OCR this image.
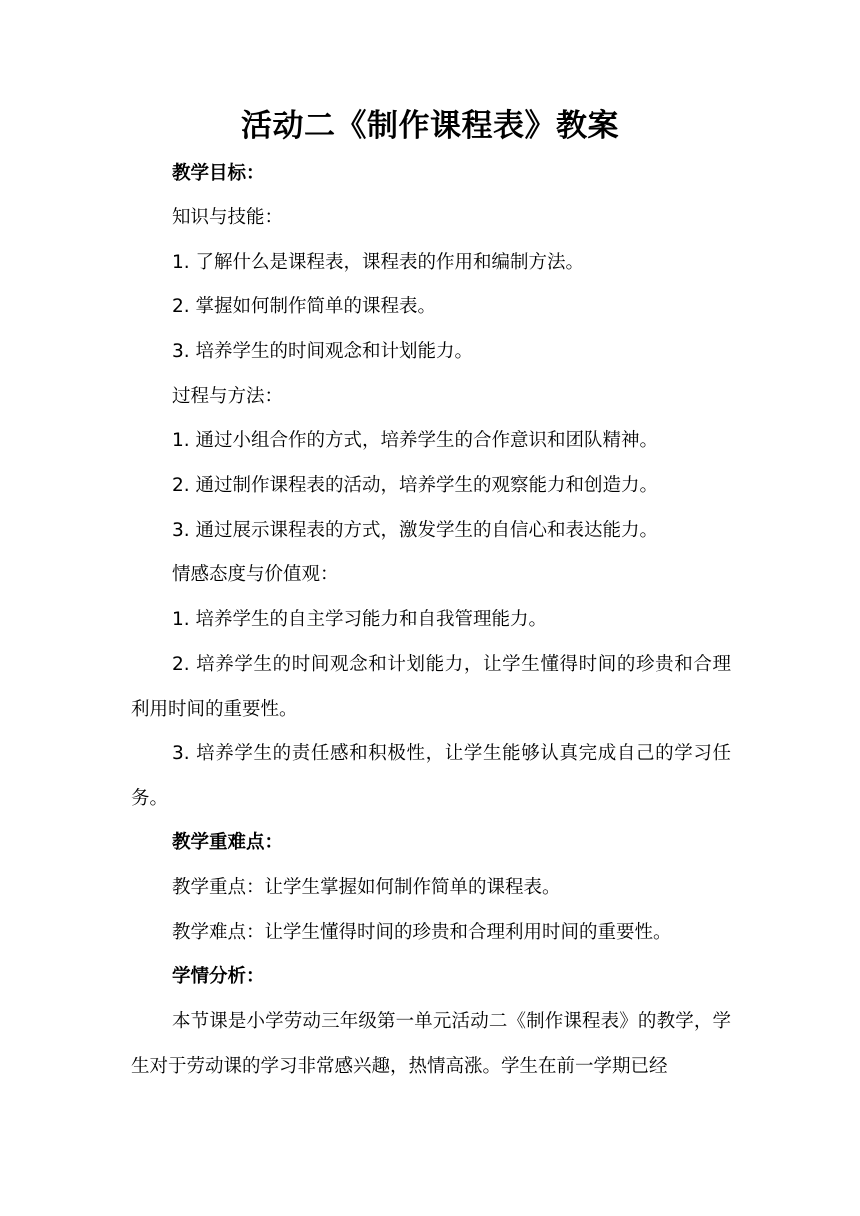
活动二《制作课程表》教案
教学目标：
知识与技能：
1. 了解什么是课程表，课程表的作用和编制方法。
2. 掌握如何制作简单的课程表。
3. 培养学生的时间观念和计划能力。
过程与方法：
1. 通过小组合作的方式，培养学生的合作意识和团队精神。
2. 通过制作课程表的活动，培养学生的观察能力和创造力。
3. 通过展示课程表的方式，激发学生的自信心和表达能力。
情感态度与价值观：
1. 培养学生的自主学习能力和自我管理能力。
2. 培养学生的时间观念和计划能力，让学生懂得时间的珍贵和合理利用时间的重要性。
3. 培养学生的责任感和积极性，让学生能够认真完成自己的学习任务。
教学重难点：
教学重点：让学生掌握如何制作简单的课程表。
教学难点：让学生懂得时间的珍贵和合理利用时间的重要性。
学情分析：
本节课是小学劳动三年级第一单元活动二《制作课程表》的教学，学生对于劳动课的学习非常感兴趣，热情高涨。学生在前一学期已经
